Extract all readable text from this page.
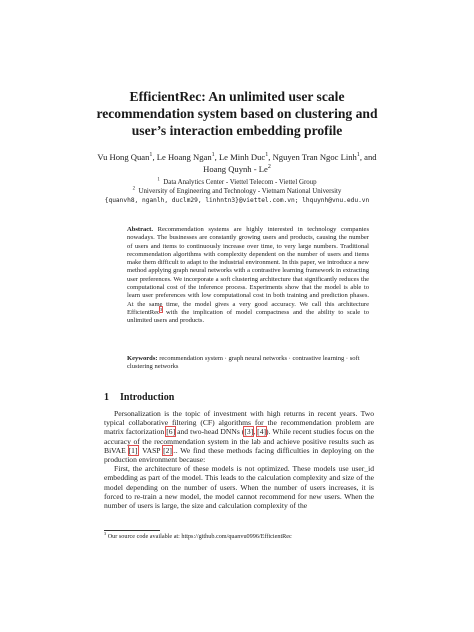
EfficientRec: An unlimited user scale
recommendation system based on clustering and
user’s interaction embedding profile
Vu Hong Quan$^1$, Le Hoang Ngan$^1$, Le Minh Duc$^1$, Nguyen Tran Ngoc Linh$^1$, and
Hoang Quynh - Le$^2$
$^1$ Data Analytics Center - Viettel Telecom - Viettel Group
$^2$ University of Engineering and Technology - Vietnam National University
{quanvh8, nganlh, duclm29, linhntn3}@viettel.com.vn; lhquynh@vnu.edu.vn
Abstract. Recommendation systems are highly interested in technology companies nowadays. The businesses are constantly growing users and products, causing the number of users and items to continuously increase over time, to very large numbers. Traditional recommendation algorithms with complexity dependent on the number of users and items make them difficult to adapt to the industrial environment. In this paper, we introduce a new method applying graph neural networks with a contrastive learning framework in extracting user preferences. We incorporate a soft clustering architecture that significantly reduces the computational cost of the inference process. Experiments show that the model is able to learn user preferences with low computational cost in both training and prediction phases. At the same time, the model gives a very good accuracy. We call this architecture EfficientRec$^3$ with the implication of model compactness and the ability to scale to unlimited users and products.
Keywords: recommendation system · graph neural networks · contrastive learning · soft clustering networks
1 Introduction

Personalization is the topic of investment with high returns in recent years. Two typical collaborative filtering (CF) algorithms for the recommendation problem are matrix factorization [6] and two-head DNNs ([3], [4]). While recent studies focus on the accuracy of the recommendation system in the lab and achieve positive results such as BiVAE [1], VASP [2]... We find these methods facing difficulties in deploying on the production environment because:

First, the architecture of these models is not optimized. These models use user_id embedding as part of the model. This leads to the calculation complexity and size of the model depending on the number of users. When the number of users increases, it is forced to re-train a new model, the model cannot recommend for new users. When the number of users is large, the size and calculation complexity of the

$^3$ Our source code available at: https://github.com/quanvu0996/EfficientRec
